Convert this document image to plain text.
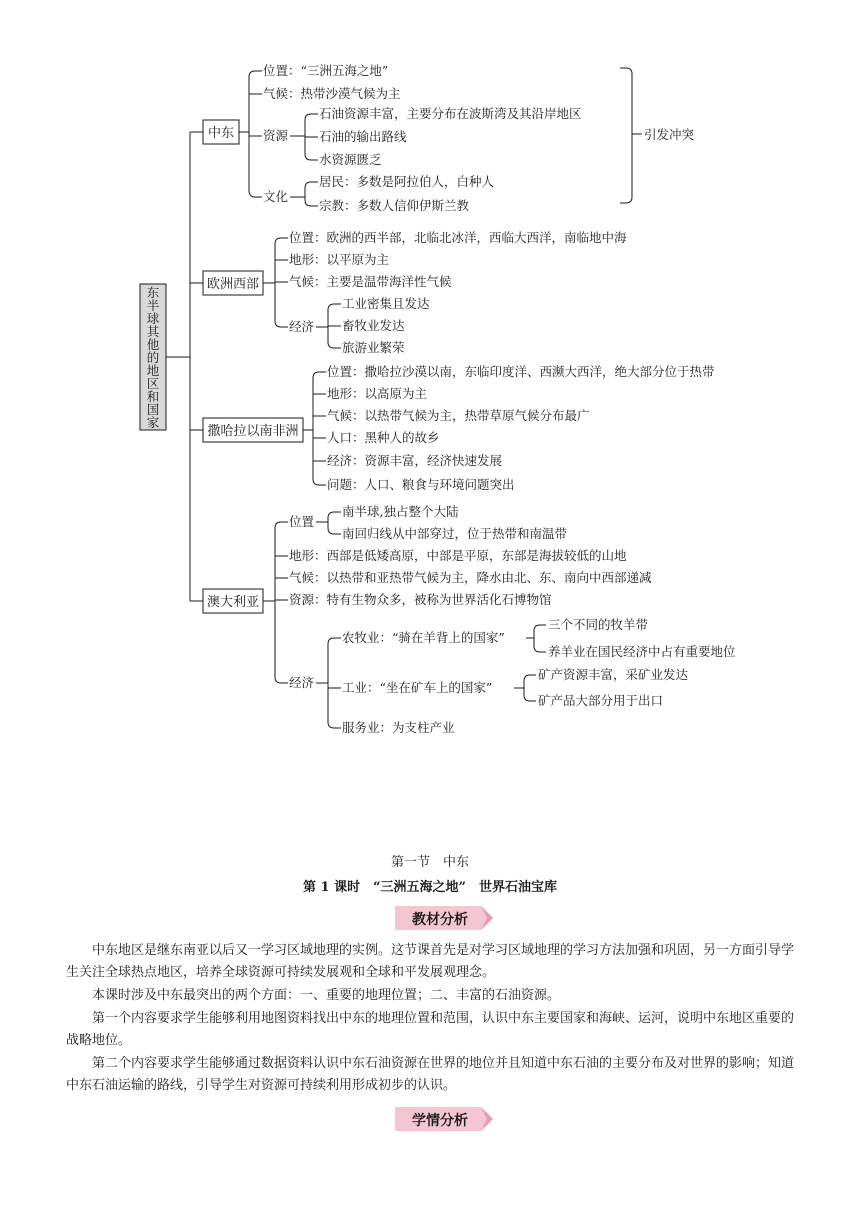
东
半
球
其
他
的
地
区
和
国
家
中东
位置：“三洲五海之地”
气候：热带沙漠气候为主
资源
石油资源丰富，主要分布在波斯湾及其沿岸地区
石油的输出路线
水资源匮乏
文化
居民：多数是阿拉伯人，白种人
宗教：多数人信仰伊斯兰教
引发冲突
欧洲西部
位置：欧洲的西半部，北临北冰洋，西临大西洋，南临地中海
地形：以平原为主
气候：主要是温带海洋性气候
经济
工业密集且发达
畜牧业发达
旅游业繁荣
撒哈拉以南非洲
位置：撒哈拉沙漠以南，东临印度洋、西濒大西洋，绝大部分位于热带
地形：以高原为主
气候：以热带气候为主，热带草原气候分布最广
人口：黑种人的故乡
经济：资源丰富，经济快速发展
问题：人口、粮食与环境问题突出
澳大利亚
位置
南半球,独占整个大陆
南回归线从中部穿过，位于热带和南温带
地形：西部是低矮高原，中部是平原，东部是海拔较低的山地
气候：以热带和亚热带气候为主，降水由北、东、南向中西部递减
资源：特有生物众多，被称为世界活化石博物馆
经济
农牧业：“骑在羊背上的国家”
三个不同的牧羊带
养羊业在国民经济中占有重要地位
工业：“坐在矿车上的国家”
矿产资源丰富，采矿业发达
矿产品大部分用于出口
服务业：为支柱产业
第一节　中东
第 1 课时　“三洲五海之地”　世界石油宝库
教材分析

中东地区是继东南亚以后又一学习区域地理的实例。这节课首先是对学习区域地理的学习方法加强和巩固，另一方面引导学生关注全球热点地区，培养全球资源可持续发展观和全球和平发展观理念。

本课时涉及中东最突出的两个方面：一、重要的地理位置；二、丰富的石油资源。

第一个内容要求学生能够利用地图资料找出中东的地理位置和范围，认识中东主要国家和海峡、运河，说明中东地区重要的战略地位。

第二个内容要求学生能够通过数据资料认识中东石油资源在世界的地位并且知道中东石油的主要分布及对世界的影响；知道中东石油运输的路线，引导学生对资源可持续利用形成初步的认识。

学情分析
